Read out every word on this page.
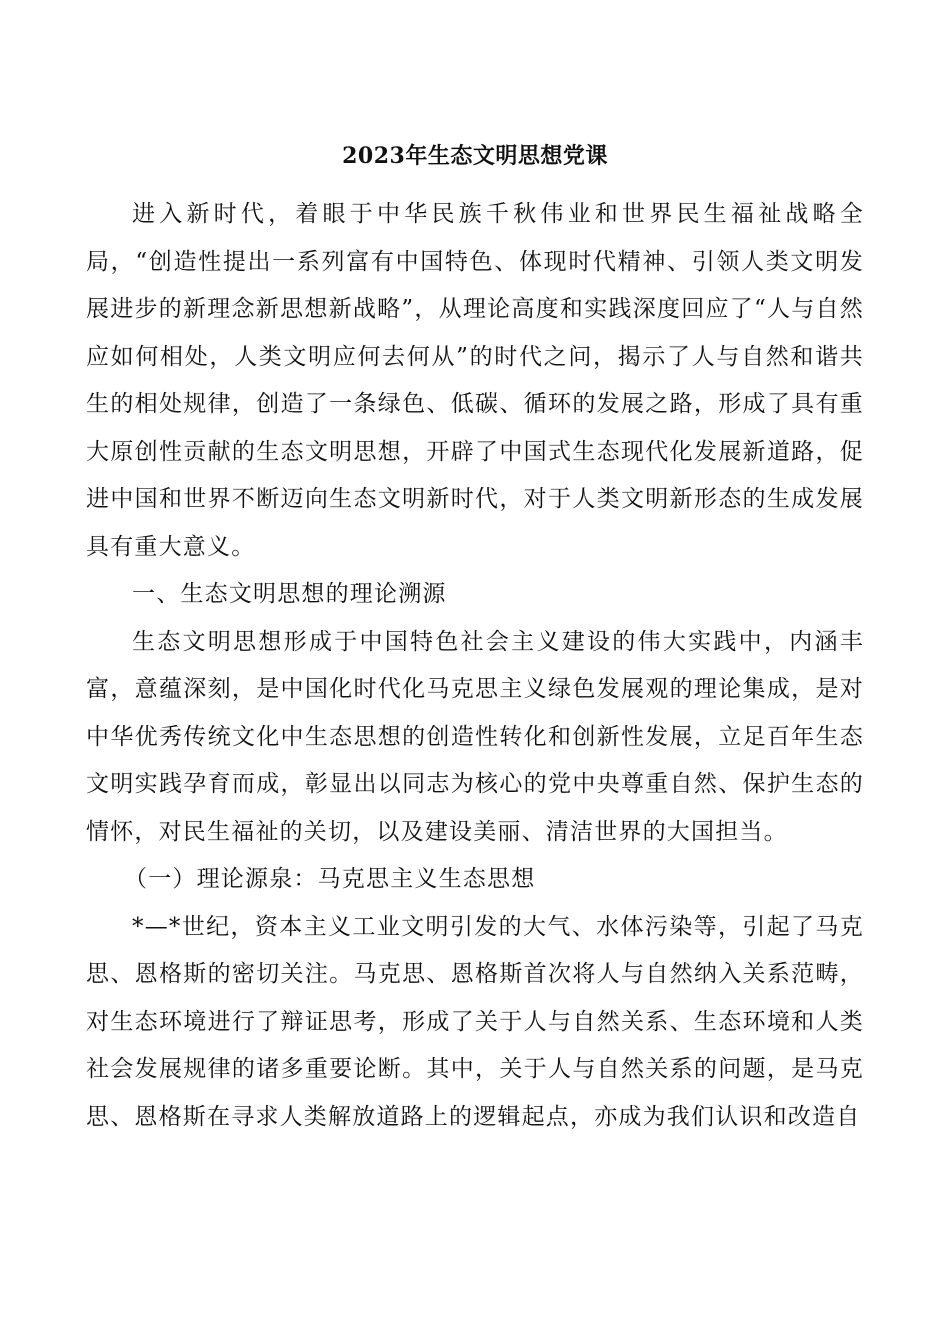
2023年生态文明思想党课

进入新时代，着眼于中华民族千秋伟业和世界民生福祉战略全局，“创造性提出一系列富有中国特色、体现时代精神、引领人类文明发展进步的新理念新思想新战略”，从理论高度和实践深度回应了“人与自然应如何相处，人类文明应何去何从”的时代之问，揭示了人与自然和谐共生的相处规律，创造了一条绿色、低碳、循环的发展之路，形成了具有重大原创性贡献的生态文明思想，开辟了中国式生态现代化发展新道路，促进中国和世界不断迈向生态文明新时代，对于人类文明新形态的生成发展具有重大意义。

一、生态文明思想的理论溯源

生态文明思想形成于中国特色社会主义建设的伟大实践中，内涵丰富，意蕴深刻，是中国化时代化马克思主义绿色发展观的理论集成，是对中华优秀传统文化中生态思想的创造性转化和创新性发展，立足百年生态文明实践孕育而成，彰显出以同志为核心的党中央尊重自然、保护生态的情怀，对民生福祉的关切，以及建设美丽、清洁世界的大国担当。

（一）理论源泉：马克思主义生态思想

*—*世纪，资本主义工业文明引发的大气、水体污染等，引起了马克思、恩格斯的密切关注。马克思、恩格斯首次将人与自然纳入关系范畴，对生态环境进行了辩证思考，形成了关于人与自然关系、生态环境和人类社会发展规律的诸多重要论断。其中，关于人与自然关系的问题，是马克思、恩格斯在寻求人类解放道路上的逻辑起点，亦成为我们认识和改造自
